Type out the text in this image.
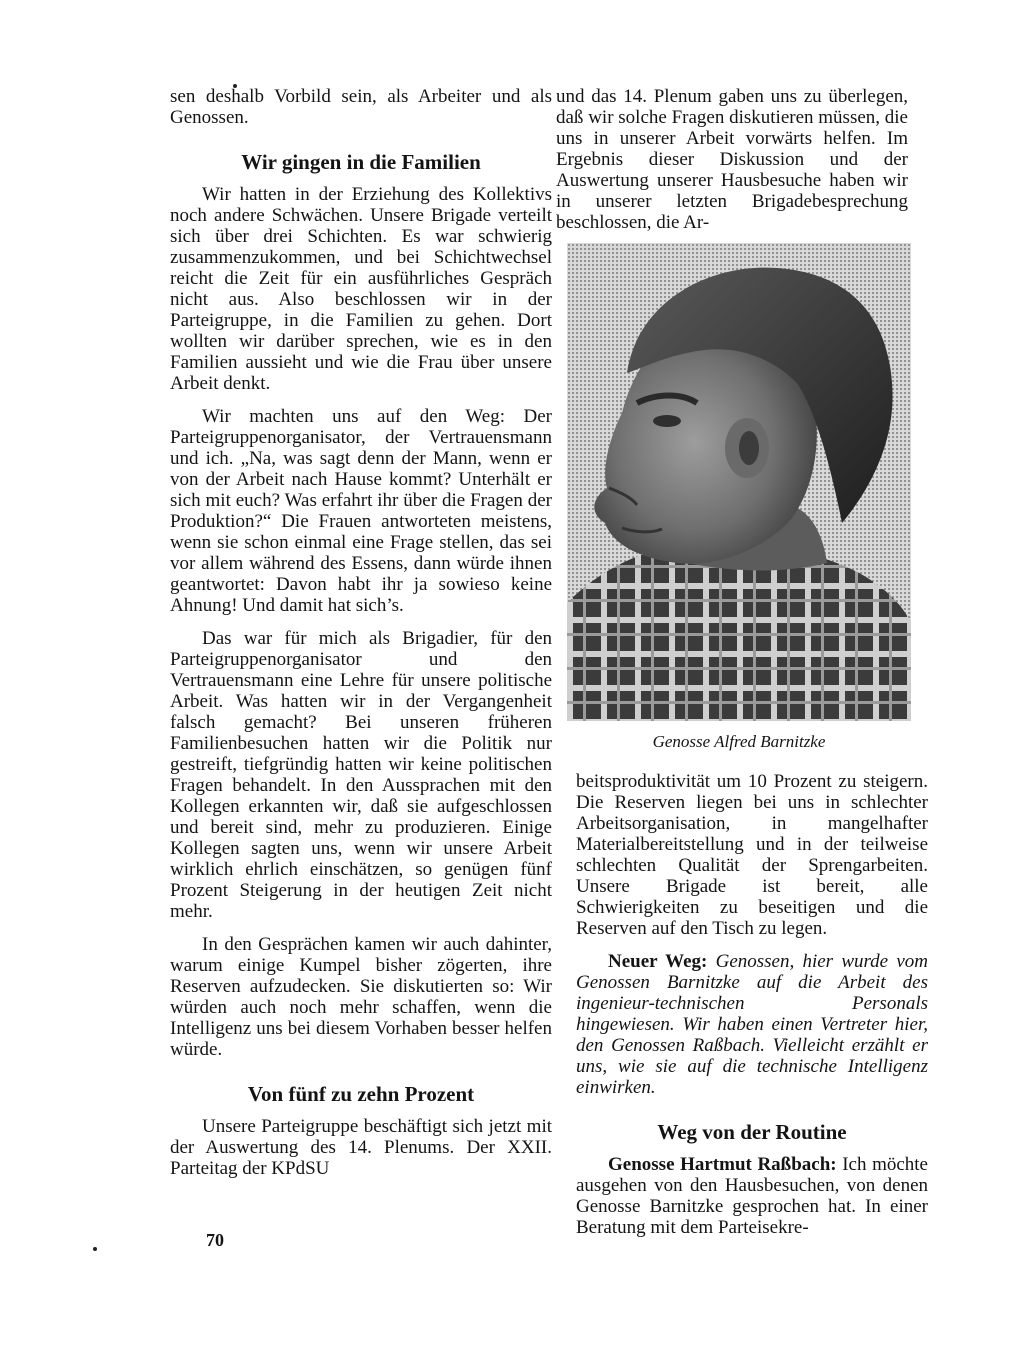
sen deshalb Vorbild sein, als Arbeiter und als Genossen.

Wir gingen in die Familien

Wir hatten in der Erziehung des Kollektivs noch andere Schwächen. Unsere Brigade verteilt sich über drei Schichten. Es war schwierig zusammenzukommen, und bei Schichtwechsel reicht die Zeit für ein ausführliches Gespräch nicht aus. Also beschlossen wir in der Parteigruppe, in die Familien zu gehen. Dort wollten wir darüber sprechen, wie es in den Familien aussieht und wie die Frau über unsere Arbeit denkt.

Wir machten uns auf den Weg: Der Parteigruppenorganisator, der Vertrauensmann und ich. „Na, was sagt denn der Mann, wenn er von der Arbeit nach Hause kommt? Unterhält er sich mit euch? Was erfahrt ihr über die Fragen der Produktion?“ Die Frauen antworteten meistens, wenn sie schon einmal eine Frage stellen, das sei vor allem während des Essens, dann würde ihnen geantwortet: Davon habt ihr ja sowieso keine Ahnung! Und damit hat sich’s.

Das war für mich als Brigadier, für den Parteigruppenorganisator und den Vertrauensmann eine Lehre für unsere politische Arbeit. Was hatten wir in der Vergangenheit falsch gemacht? Bei unseren früheren Familienbesuchen hatten wir die Politik nur gestreift, tiefgründig hatten wir keine politischen Fragen behandelt. In den Aussprachen mit den Kollegen erkannten wir, daß sie aufgeschlossen und bereit sind, mehr zu produzieren. Einige Kollegen sagten uns, wenn wir unsere Arbeit wirklich ehrlich einschätzen, so genügen fünf Prozent Steigerung in der heutigen Zeit nicht mehr.

In den Gesprächen kamen wir auch dahinter, warum einige Kumpel bisher zögerten, ihre Reserven aufzudecken. Sie diskutierten so: Wir würden auch noch mehr schaffen, wenn die Intelligenz uns bei diesem Vorhaben besser helfen würde.

Von fünf zu zehn Prozent

Unsere Parteigruppe beschäftigt sich jetzt mit der Auswertung des 14. Plenums. Der XXII. Parteitag der KPdSU

und das 14. Plenum gaben uns zu überlegen, daß wir solche Fragen diskutieren müssen, die uns in unserer Arbeit vorwärts helfen. Im Ergebnis dieser Diskussion und der Auswertung unserer Hausbesuche haben wir in unserer letzten Brigadebesprechung beschlossen, die Ar-

Genosse Alfred Barnitzke

beitsproduktivität um 10 Prozent zu steigern. Die Reserven liegen bei uns in schlechter Arbeitsorganisation, in mangelhafter Materialbereitstellung und in der teilweise schlechten Qualität der Sprengarbeiten. Unsere Brigade ist bereit, alle Schwierigkeiten zu beseitigen und die Reserven auf den Tisch zu legen.

Neuer Weg: Genossen, hier wurde vom Genossen Barnitzke auf die Arbeit des ingenieur-technischen Personals hingewiesen. Wir haben einen Vertreter hier, den Genossen Raßbach. Vielleicht erzählt er uns, wie sie auf die technische Intelligenz einwirken.

Weg von der Routine

Genosse Hartmut Raßbach: Ich möchte ausgehen von den Hausbesuchen, von denen Genosse Barnitzke gesprochen hat. In einer Beratung mit dem Parteisekre-

70
